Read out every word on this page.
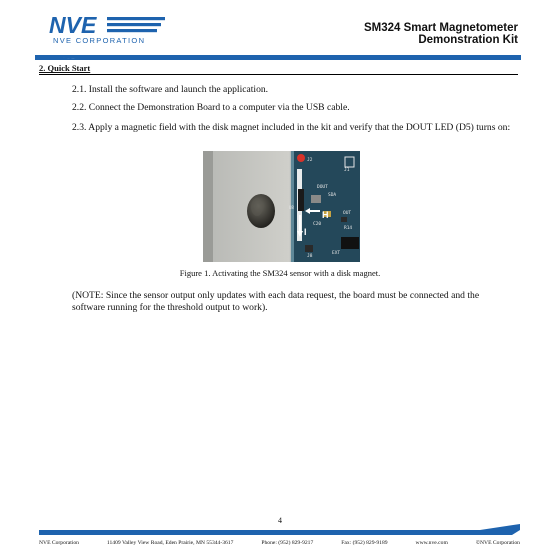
NVE
NVE CORPORATION
SM324 Smart Magnetometer
Demonstration Kit
2. Quick Start
2.1. Install the software and launch the application.
2.2. Connect the Demonstration Board to a computer via the USB cable.
2.3. Apply a magnetic field with the disk magnet included in the kit and verify that the DOUT LED (D5) turns on:
J2
J1
DOUT
SDA
OUT
U8
C20
R14
H
I
J8
EXT
Figure 1. Activating the SM324 sensor with a disk magnet.
(NOTE: Since the sensor output only updates with each data request, the board must be connected and the software running for the threshold output to work).
4
NVE Corporation	11409 Valley View Road, Eden Prairie, MN 55344-3617	Phone: (952) 829-9217	Fax: (952) 829-9189	www.nve.com	©NVE Corporation
